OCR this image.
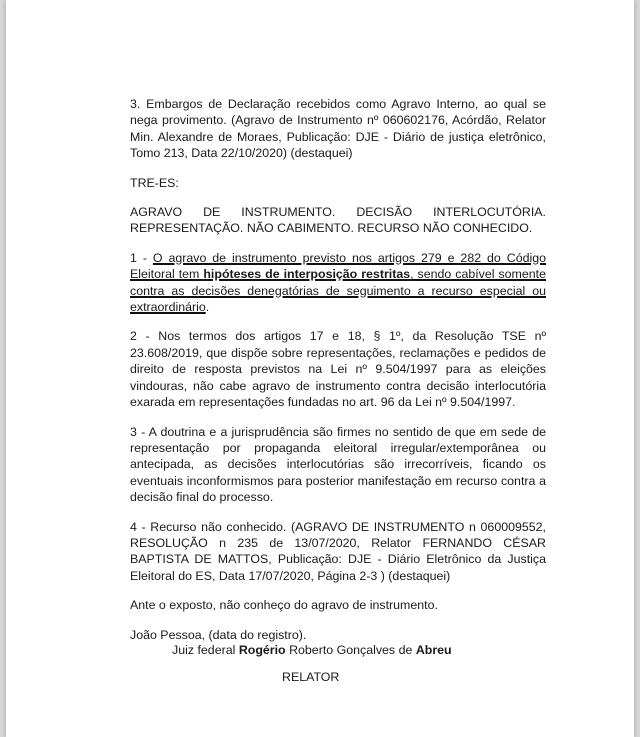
3. Embargos de Declaração recebidos como Agravo Interno, ao qual se nega provimento. (Agravo de Instrumento nº 060602176, Acórdão, Relator Min. Alexandre de Moraes, Publicação: DJE - Diário de justiça eletrônico, Tomo 213, Data 22/10/2020) (destaquei)

TRE-ES:

AGRAVO DE INSTRUMENTO. DECISÃO INTERLOCUTÓRIA. REPRESENTAÇÃO. NÃO CABIMENTO. RECURSO NÃO CONHECIDO.

1 - O agravo de instrumento previsto nos artigos 279 e 282 do Código Eleitoral tem hipóteses de interposição restritas, sendo cabível somente contra as decisões denegatórias de seguimento a recurso especial ou extraordinário.

2 - Nos termos dos artigos 17 e 18, § 1º, da Resolução TSE nº 23.608/2019, que dispõe sobre representações, reclamações e pedidos de direito de resposta previstos na Lei nº 9.504/1997 para as eleições vindouras, não cabe agravo de instrumento contra decisão interlocutória exarada em representações fundadas no art. 96 da Lei nº 9.504/1997.

3 - A doutrina e a jurisprudência são firmes no sentido de que em sede de representação por propaganda eleitoral irregular/extemporânea ou antecipada, as decisões interlocutórias são irrecorríveis, ficando os eventuais inconformismos para posterior manifestação em recurso contra a decisão final do processo.

4 - Recurso não conhecido. (AGRAVO DE INSTRUMENTO n 060009552, RESOLUÇÃO n 235 de 13/07/2020, Relator FERNANDO CÉSAR BAPTISTA DE MATTOS, Publicação: DJE - Diário Eletrônico da Justiça Eleitoral do ES, Data 17/07/2020, Página 2-3 ) (destaquei)

Ante o exposto, não conheço do agravo de instrumento.

João Pessoa, (data do registro).

Juiz federal Rogério Roberto Gonçalves de Abreu
RELATOR
